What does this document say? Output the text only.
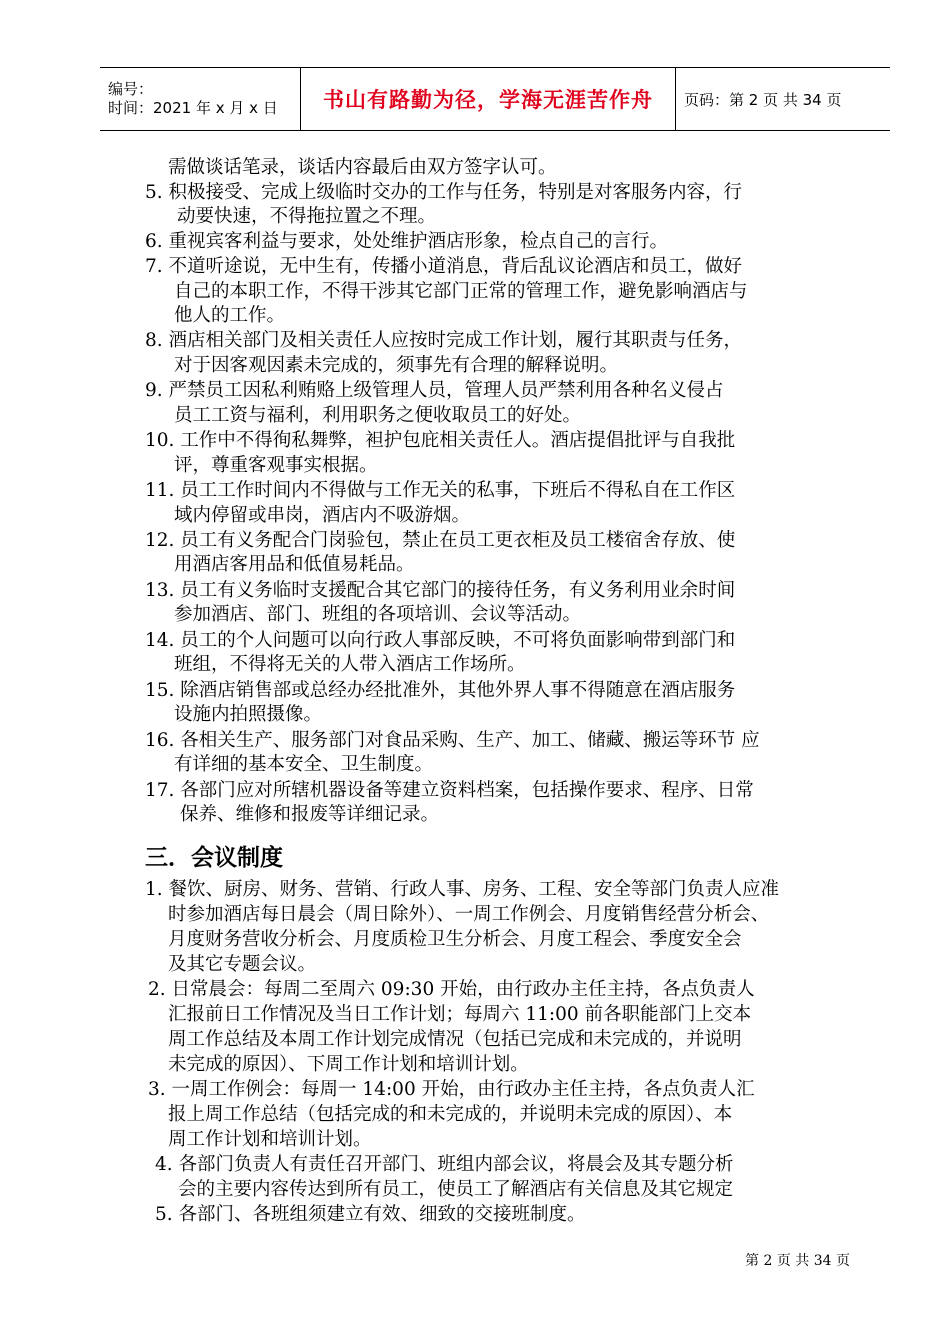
编号：
时间：2021 年 x 月 x 日	书山有路勤为径，学海无涯苦作舟 页码：第 2 页 共 34 页
需做谈话笔录，谈话内容最后由双方签字认可。
5. 积极接受、完成上级临时交办的工作与任务，特别是对客服务内容，行
动要快速，不得拖拉置之不理。
6. 重视宾客利益与要求，处处维护酒店形象，检点自己的言行。
7. 不道听途说，无中生有，传播小道消息，背后乱议论酒店和员工，做好
自己的本职工作，不得干涉其它部门正常的管理工作，避免影响酒店与
他人的工作。
8. 酒店相关部门及相关责任人应按时完成工作计划，履行其职责与任务，
对于因客观因素未完成的，须事先有合理的解释说明。
9. 严禁员工因私利贿赂上级管理人员，管理人员严禁利用各种名义侵占
员工工资与福利，利用职务之便收取员工的好处。
10. 工作中不得徇私舞弊，袒护包庇相关责任人。酒店提倡批评与自我批
评，尊重客观事实根据。
11. 员工工作时间内不得做与工作无关的私事，下班后不得私自在工作区
域内停留或串岗，酒店内不吸游烟。
12. 员工有义务配合门岗验包，禁止在员工更衣柜及员工楼宿舍存放、使
用酒店客用品和低值易耗品。
13. 员工有义务临时支援配合其它部门的接待任务，有义务利用业余时间
参加酒店、部门、班组的各项培训、会议等活动。
14. 员工的个人问题可以向行政人事部反映，不可将负面影响带到部门和
班组，不得将无关的人带入酒店工作场所。
15. 除酒店销售部或总经办经批准外，其他外界人事不得随意在酒店服务
设施内拍照摄像。
16. 各相关生产、服务部门对食品采购、生产、加工、储藏、搬运等环节 应
有详细的基本安全、卫生制度。
17. 各部门应对所辖机器设备等建立资料档案，包括操作要求、程序、日常
保养、维修和报废等详细记录。
三．会议制度
1. 餐饮、厨房、财务、营销、行政人事、房务、工程、安全等部门负责人应准
时参加酒店每日晨会（周日除外）、一周工作例会、月度销售经营分析会、
月度财务营收分析会、月度质检卫生分析会、月度工程会、季度安全会
及其它专题会议。
2. 日常晨会：每周二至周六 09:30 开始，由行政办主任主持，各点负责人
汇报前日工作情况及当日工作计划；每周六 11:00 前各职能部门上交本
周工作总结及本周工作计划完成情况（包括已完成和未完成的，并说明
未完成的原因）、下周工作计划和培训计划。
3. 一周工作例会：每周一 14:00 开始，由行政办主任主持，各点负责人汇
报上周工作总结（包括完成的和未完成的，并说明未完成的原因）、本
周工作计划和培训计划。
4. 各部门负责人有责任召开部门、班组内部会议，将晨会及其专题分析
会的主要内容传达到所有员工，使员工了解酒店有关信息及其它规定
5. 各部门、各班组须建立有效、细致的交接班制度。
第 2 页 共 34 页
